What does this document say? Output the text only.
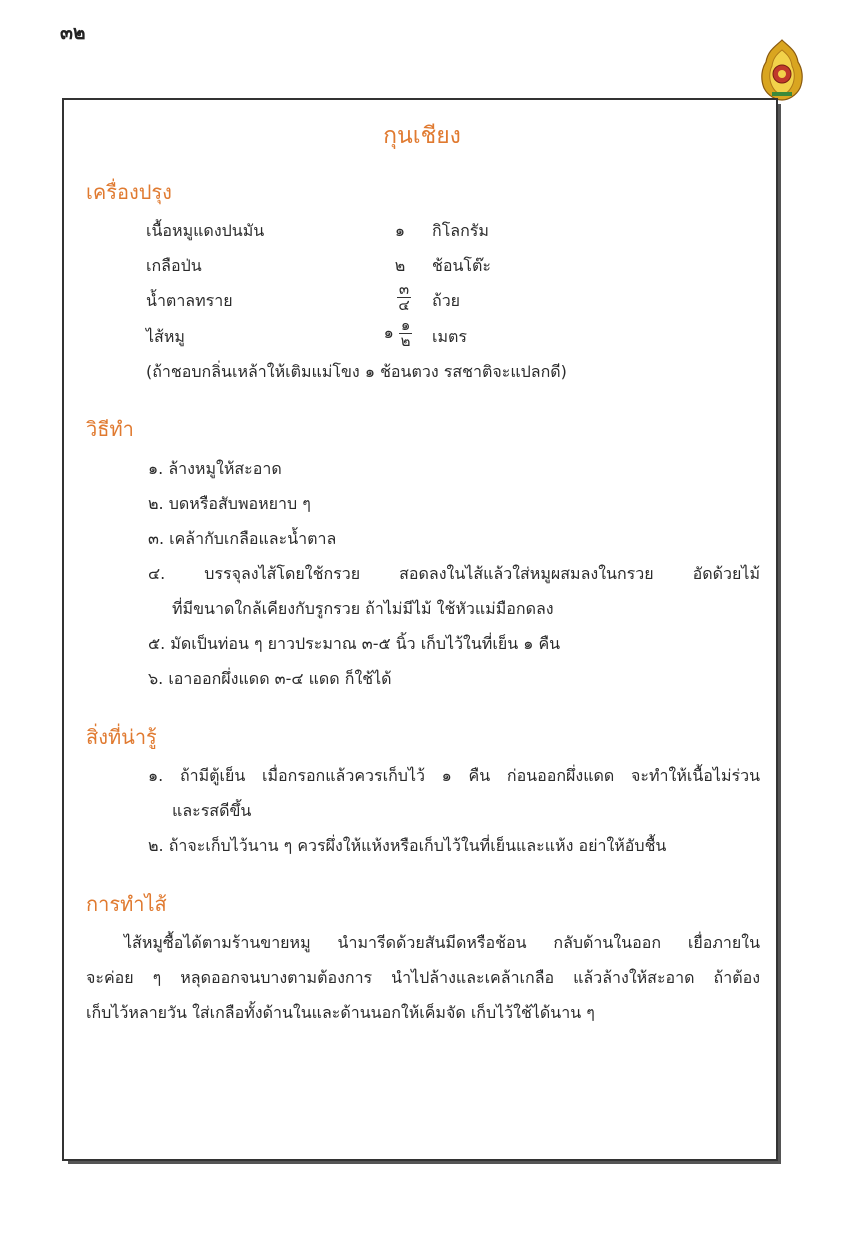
๓๒
กุนเชียง
เครื่องปรุง
เนื้อหมูแดงปนมัน	๑	กิโลกรัม
เกลือป่น	๒	ช้อนโต๊ะ
น้ำตาลทราย	$\frac{๓}{๔}$ ถ้วย
ไส้หมู	๑ $\frac{๑}{๒}$ เมตร
(ถ้าชอบกลิ่นเหล้าให้เติมแม่โขง ๑ ช้อนตวง รสชาติจะแปลกดี)
วิธีทำ
๑. ล้างหมูให้สะอาด
๒. บดหรือสับพอหยาบ ๆ
๓. เคล้ากับเกลือและน้ำตาล
๔. บรรจุลงไส้โดยใช้กรวย สอดลงในไส้แล้วใส่หมูผสมลงในกรวย อัดด้วยไม้
ที่มีขนาดใกล้เคียงกับรูกรวย ถ้าไม่มีไม้ ใช้หัวแม่มือกดลง
๕. มัดเป็นท่อน ๆ ยาวประมาณ ๓-๕ นิ้ว เก็บไว้ในที่เย็น ๑ คืน
๖. เอาออกผึ่งแดด ๓-๔ แดด ก็ใช้ได้
สิ่งที่น่ารู้
๑. ถ้ามีตู้เย็น เมื่อกรอกแล้วควรเก็บไว้ ๑ คืน ก่อนออกผึ่งแดด จะทำให้เนื้อไม่ร่วน
และรสดีขึ้น
๒. ถ้าจะเก็บไว้นาน ๆ ควรผึ่งให้แห้งหรือเก็บไว้ในที่เย็นและแห้ง อย่าให้อับชื้น
การทำไส้
ไส้หมูซื้อได้ตามร้านขายหมู นำมารีดด้วยสันมีดหรือช้อน กลับด้านในออก เยื่อภายใน
จะค่อย ๆ หลุดออกจนบางตามต้องการ นำไปล้างและเคล้าเกลือ แล้วล้างให้สะอาด ถ้าต้อง
เก็บไว้หลายวัน ใส่เกลือทั้งด้านในและด้านนอกให้เค็มจัด เก็บไว้ใช้ได้นาน ๆ
